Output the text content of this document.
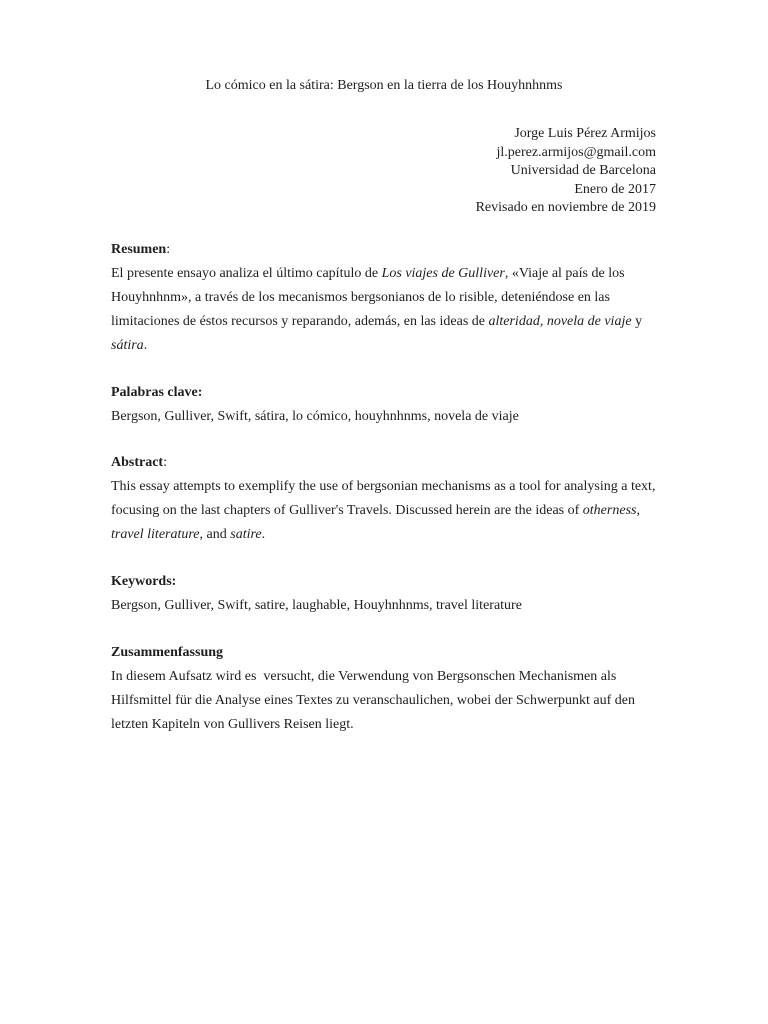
Lo cómico en la sátira: Bergson en la tierra de los Houyhnhnms
Jorge Luis Pérez Armijos
jl.perez.armijos@gmail.com
Universidad de Barcelona
Enero de 2017
Revisado en noviembre de 2019
Resumen:

El presente ensayo analiza el último capítulo de Los viajes de Gulliver, «Viaje al país de los Houyhnhnm», a través de los mecanismos bergsonianos de lo risible, deteniéndose en las limitaciones de éstos recursos y reparando, además, en las ideas de alteridad, novela de viaje y sátira.

Palabras clave:

Bergson, Gulliver, Swift, sátira, lo cómico, houyhnhnms, novela de viaje

Abstract:

This essay attempts to exemplify the use of bergsonian mechanisms as a tool for analysing a text, focusing on the last chapters of Gulliver's Travels. Discussed herein are the ideas of otherness, travel literature, and satire.

Keywords:

Bergson, Gulliver, Swift, satire, laughable, Houyhnhnms, travel literature

Zusammenfassung

In diesem Aufsatz wird es  versucht, die Verwendung von Bergsonschen Mechanismen als Hilfsmittel für die Analyse eines Textes zu veranschaulichen, wobei der Schwerpunkt auf den letzten Kapiteln von Gullivers Reisen liegt.
